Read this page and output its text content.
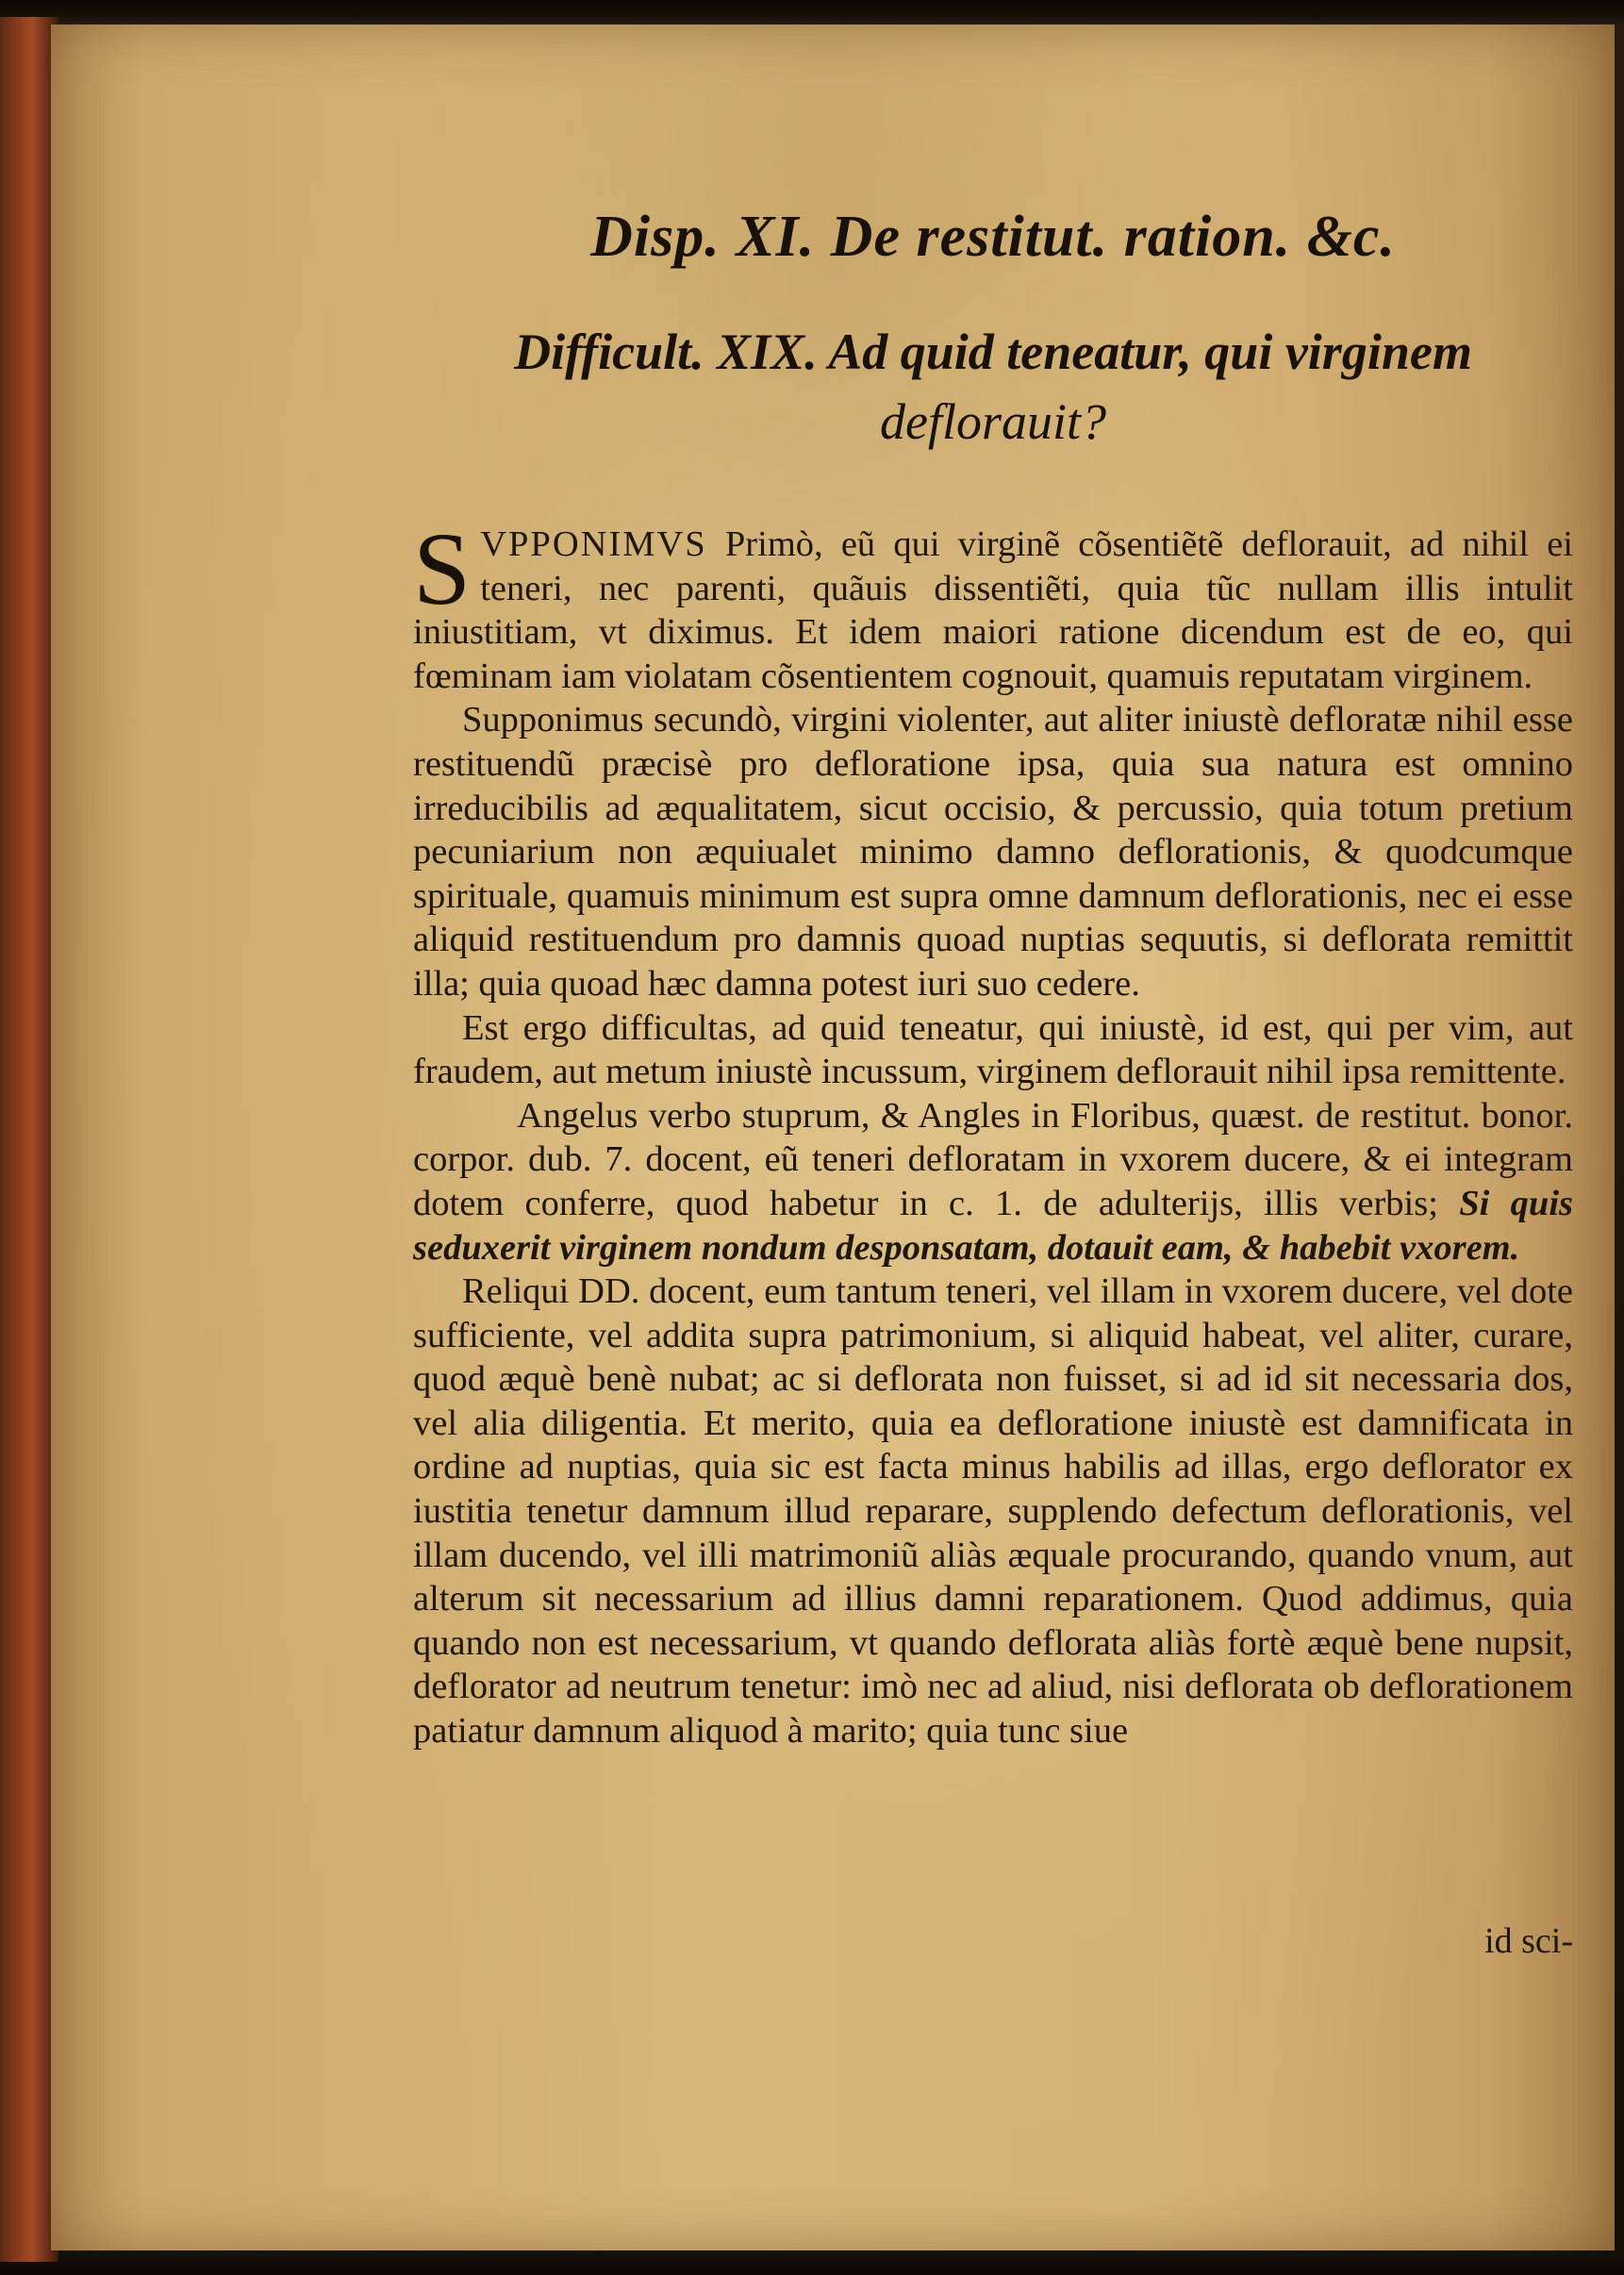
Disp. XI. De restitut. ration. &c.
Difficult. XIX. Ad quid teneatur, qui virginem
deflorauit?

SVPPONIMVS Primò, eũ qui virginẽ cõsentiẽtẽ deflorauit, ad nihil ei teneri, nec parenti, quãuis dissentiẽti, quia tũc nullam illis intulit iniustitiam, vt diximus. Et idem maiori ratione dicendum est de eo, qui fœminam iam violatam cõsentientem cognouit, quamuis reputatam virginem.

Supponimus secundò, virgini violenter, aut aliter iniustè defloratæ nihil esse restituendũ præcisè pro defloratione ipsa, quia sua natura est omnino irreducibilis ad æqualitatem, sicut occisio, & percussio, quia totum pretium pecuniarium non æquiualet minimo damno deflorationis, & quodcumque spirituale, quamuis minimum est supra omne damnum deflorationis, nec ei esse aliquid restituendum pro damnis quoad nuptias sequutis, si deflorata remittit illa; quia quoad hæc damna potest iuri suo cedere.

Est ergo difficultas, ad quid teneatur, qui iniustè, id est, qui per vim, aut fraudem, aut metum iniustè incussum, virginem deflorauit nihil ipsa remittente.

Angelus verbo stuprum, & Angles in Floribus, quæst. de restitut. bonor. corpor. dub. 7. docent, eũ teneri defloratam in vxorem ducere, & ei integram dotem conferre, quod habetur in c. 1. de adulterijs, illis verbis; Si quis seduxerit virginem nondum desponsatam, dotauit eam, & habebit vxorem.

Reliqui DD. docent, eum tantum teneri, vel illam in vxorem ducere, vel dote sufficiente, vel addita supra patrimonium, si aliquid habeat, vel aliter, curare, quod æquè benè nubat; ac si deflorata non fuisset, si ad id sit necessaria dos, vel alia diligentia. Et merito, quia ea defloratione iniustè est damnificata in ordine ad nuptias, quia sic est facta minus habilis ad illas, ergo deflorator ex iustitia tenetur damnum illud reparare, supplendo defectum deflorationis, vel illam ducendo, vel illi matrimoniũ aliàs æquale procurando, quando vnum, aut alterum sit necessarium ad illius damni reparationem. Quod addimus, quia quando non est necessarium, vt quando deflorata aliàs fortè æquè bene nupsit, deflorator ad neutrum tenetur: imò nec ad aliud, nisi deflorata ob deflorationem patiatur damnum aliquod à marito; quia tunc siue

id sci-
